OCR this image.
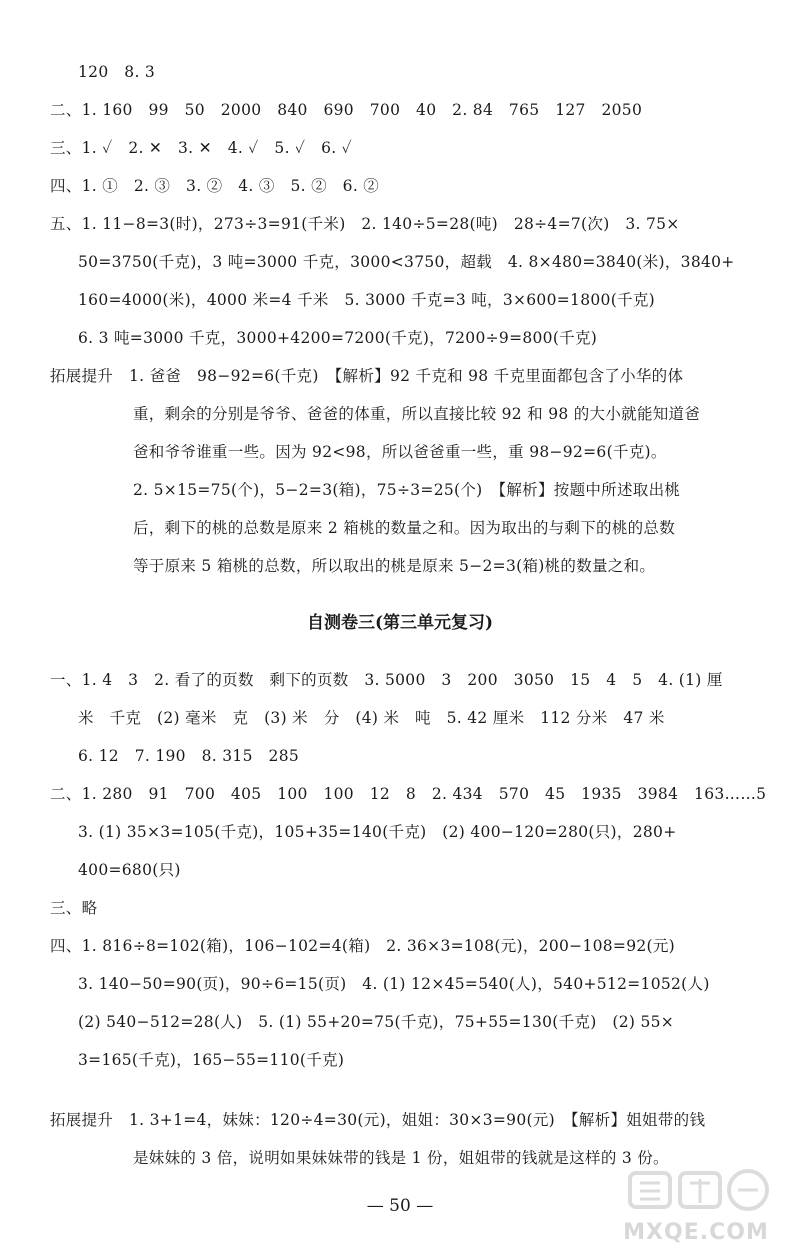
120　8. 3
二、1. 160　99　50　2000　840　690　700　40　2. 84　765　127　2050
三、1. ✓　2. ✕　3. ✕　4. ✓　5. ✓　6. ✓
四、1. ①　2. ③　3. ②　4. ③　5. ②　6. ②
五、1. 11−8=3(时)，273÷3=91(千米)　2. 140÷5=28(吨)　28÷4=7(次)　3. 75×
50=3750(千克)，3 吨=3000 千克，3000<3750，超载　4. 8×480=3840(米)，3840+
160=4000(米)，4000 米=4 千米　5. 3000 千克=3 吨，3×600=1800(千克)
6. 3 吨=3000 千克，3000+4200=7200(千克)，7200÷9=800(千克)
拓展提升　1. 爸爸　98−92=6(千克)　【解析】92 千克和 98 千克里面都包含了小华的体
重，剩余的分别是爷爷、爸爸的体重，所以直接比较 92 和 98 的大小就能知道爸
爸和爷爷谁重一些。因为 92<98，所以爸爸重一些，重 98−92=6(千克)。
2. 5×15=75(个)，5−2=3(箱)，75÷3=25(个)　【解析】按题中所述取出桃
后，剩下的桃的总数是原来 2 箱桃的数量之和。因为取出的与剩下的桃的总数
等于原来 5 箱桃的总数，所以取出的桃是原来 5−2=3(箱)桃的数量之和。
自测卷三(第三单元复习)
一、1. 4　3　2. 看了的页数　剩下的页数　3. 5000　3　200　3050　15　4　5　4. (1) 厘
米　千克　(2) 毫米　克　(3) 米　分　(4) 米　吨　5. 42 厘米　112 分米　47 米
6. 12　7. 190　8. 315　285
二、1. 280　91　700　405　100　100　12　8　2. 434　570　45　1935　3984　163……5
3. (1) 35×3=105(千克)，105+35=140(千克)　(2) 400−120=280(只)，280+
400=680(只)
三、略
四、1. 816÷8=102(箱)，106−102=4(箱)　2. 36×3=108(元)，200−108=92(元)
3. 140−50=90(页)，90÷6=15(页)　4. (1) 12×45=540(人)，540+512=1052(人)
(2) 540−512=28(人)　5. (1) 55+20=75(千克)，75+55=130(千克)　(2) 55×
3=165(千克)，165−55=110(千克)
拓展提升　1. 3+1=4，妹妹：120÷4=30(元)，姐姐：30×3=90(元)　【解析】姐姐带的钱
是妹妹的 3 倍，说明如果妹妹带的钱是 1 份，姐姐带的钱就是这样的 3 份。
— 50 —
MXQE.COM
